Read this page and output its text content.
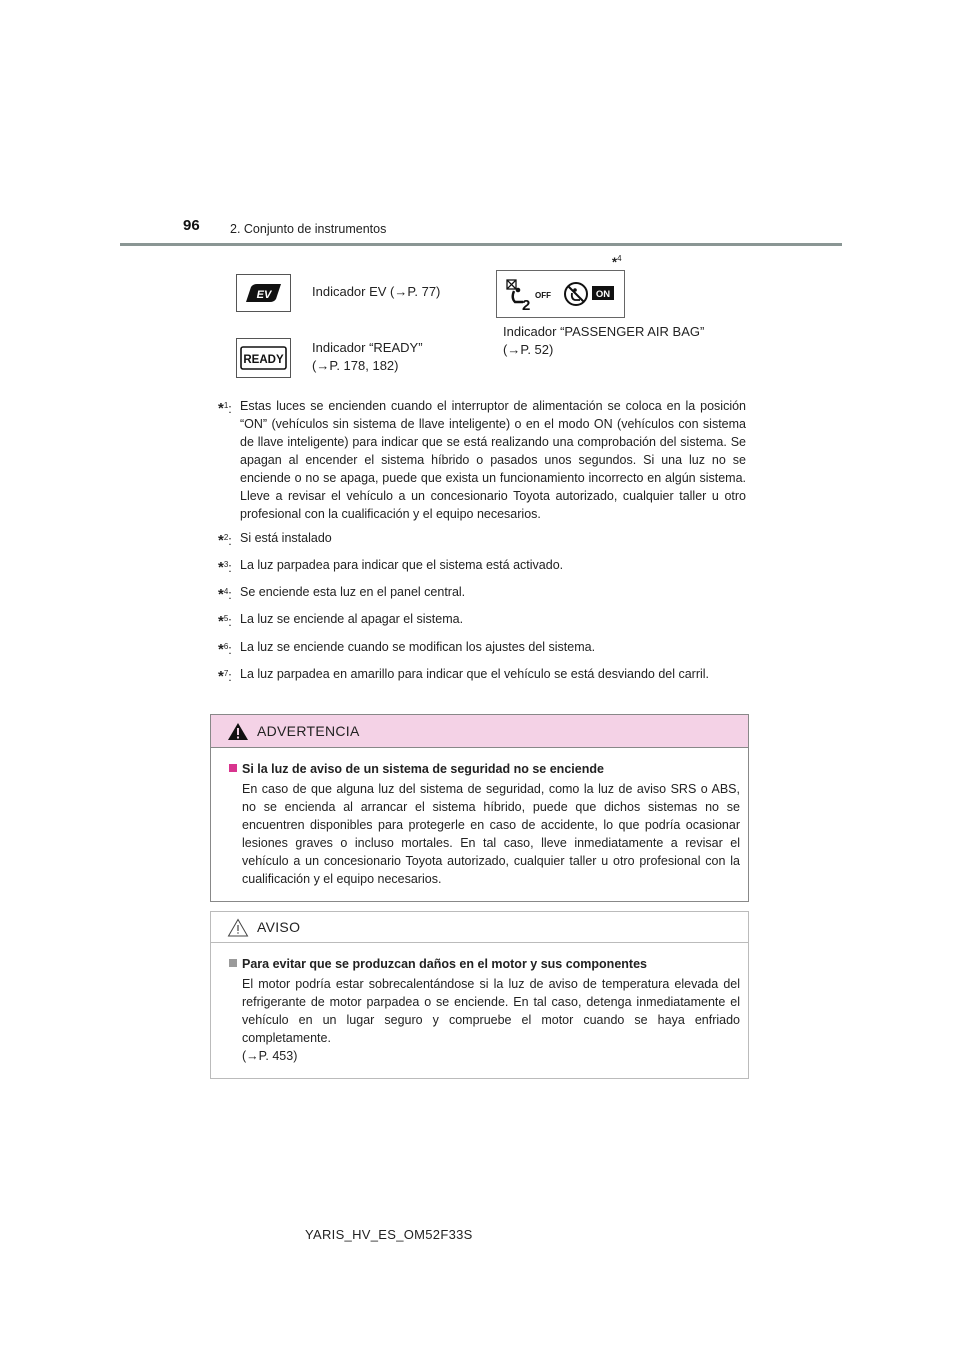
96 2. Conjunto de instrumentos
EV	Indicador EV (→P. 77)
READY
Indicador “READY”
(→P. 178, 182)
*$^4$
2
OFF	ON
Indicador “PASSENGER AIR BAG”
(→P. 52)
*$^1$: Estas luces se encienden cuando el interruptor de alimentación se coloca en la posición “ON” (vehículos sin sistema de llave inteligente) o en el modo ON (vehículos con sistema de llave inteligente) para indicar que se está realizando una comprobación del sistema. Se apagan al encender el sistema híbrido o pasados unos segundos. Si una luz no se enciende o no se apaga, puede que exista un funcionamiento incorrecto en algún sistema. Lleve a revisar el vehículo a un concesionario Toyota autorizado, cualquier taller u otro profesional con la cualificación y el equipo necesarios.
*$^2$: Si está instalado
*$^3$: La luz parpadea para indicar que el sistema está activado.
*$^4$: Se enciende esta luz en el panel central.
*$^5$: La luz se enciende al apagar el sistema.
*$^6$: La luz se enciende cuando se modifican los ajustes del sistema.
*$^7$: La luz parpadea en amarillo para indicar que el vehículo se está desviando del carril.
ADVERTENCIA
Si la luz de aviso de un sistema de seguridad no se enciende
En caso de que alguna luz del sistema de seguridad, como la luz de aviso SRS o ABS, no se encienda al arrancar el sistema híbrido, puede que dichos sistemas no se encuentren disponibles para protegerle en caso de accidente, lo que podría ocasionar lesiones graves o incluso mortales. En tal caso, lleve inmediatamente a revisar el vehículo a un concesionario Toyota autorizado, cualquier taller u otro profesional con la cualificación y el equipo necesarios.
AVISO
Para evitar que se produzcan daños en el motor y sus componentes
El motor podría estar sobrecalentándose si la luz de aviso de temperatura elevada del refrigerante de motor parpadea o se enciende. En tal caso, detenga inmediatamente el vehículo en un lugar seguro y compruebe el motor cuando se haya enfriado completamente.
(→P. 453)
YARIS_HV_ES_OM52F33S
